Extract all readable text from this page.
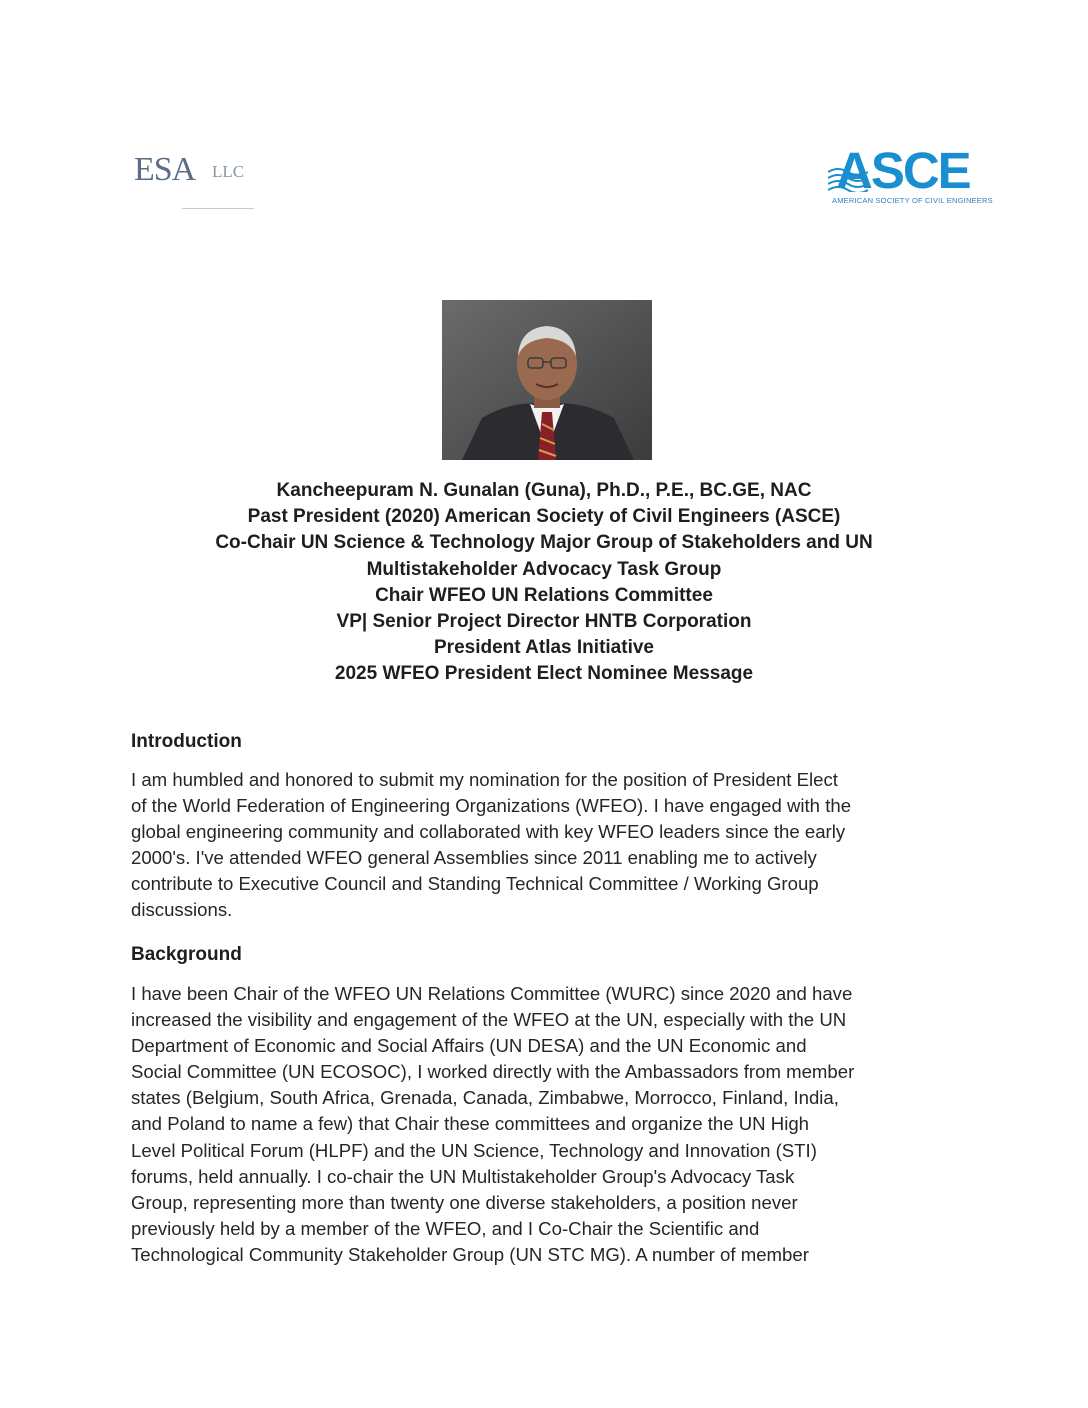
ESA LLC	ASCE
AMERICAN SOCIETY OF CIVIL ENGINEERS
Kancheepuram N. Gunalan (Guna), Ph.D., P.E., BC.GE, NAC
Past President (2020) American Society of Civil Engineers (ASCE)
Co-Chair UN Science & Technology Major Group of Stakeholders and UN
Multistakeholder Advocacy Task Group
Chair WFEO UN Relations Committee
VP| Senior Project Director HNTB Corporation
President Atlas Initiative
2025 WFEO President Elect Nominee Message
Introduction
I am humbled and honored to submit my nomination for the position of President Elect
of the World Federation of Engineering Organizations (WFEO). I have engaged with the
global engineering community and collaborated with key WFEO leaders since the early
2000's. I've attended WFEO general Assemblies since 2011 enabling me to actively
contribute to Executive Council and Standing Technical Committee / Working Group
discussions.
Background
I have been Chair of the WFEO UN Relations Committee (WURC) since 2020 and have
increased the visibility and engagement of the WFEO at the UN, especially with the UN
Department of Economic and Social Affairs (UN DESA) and the UN Economic and
Social Committee (UN ECOSOC), I worked directly with the Ambassadors from member
states (Belgium, South Africa, Grenada, Canada, Zimbabwe, Morrocco, Finland, India,
and Poland to name a few) that Chair these committees and organize the UN High
Level Political Forum (HLPF) and the UN Science, Technology and Innovation (STI)
forums, held annually. I co-chair the UN Multistakeholder Group's Advocacy Task
Group, representing more than twenty one diverse stakeholders, a position never
previously held by a member of the WFEO, and I Co-Chair the Scientific and
Technological Community Stakeholder Group (UN STC MG). A number of member
